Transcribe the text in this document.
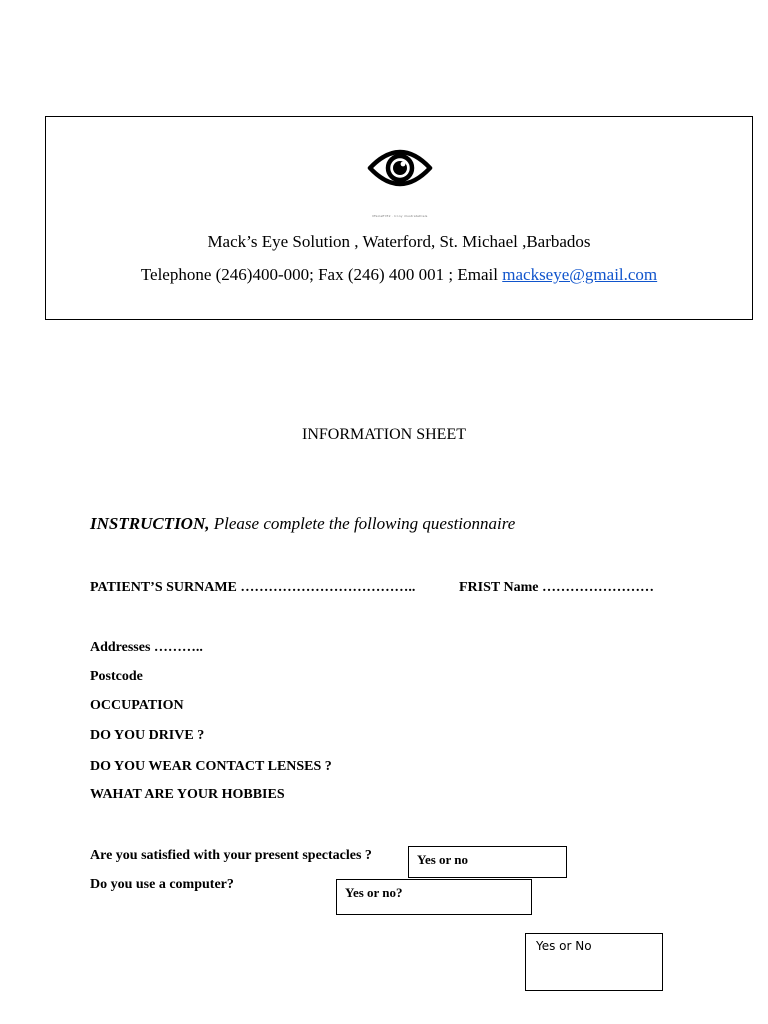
MSoleEYE2 · Irony illustrateDiels
Mack’s Eye Solution , Waterford, St. Michael ,Barbados
Telephone (246)400-000; Fax (246) 400 001 ; Email mackseye@gmail.com
INFORMATION SHEET
INSTRUCTION, Please complete the following questionnaire
PATIENT’S SURNAME ………………………………..	FRIST Name ……………………
Addresses ………..
Postcode
OCCUPATION
DO YOU DRIVE ?
DO YOU WEAR CONTACT LENSES ?
WAHAT ARE YOUR HOBBIES
Are you satisfied with your present spectacles ?	Yes or no
Do you use a computer?
Yes or no?
Yes or No
